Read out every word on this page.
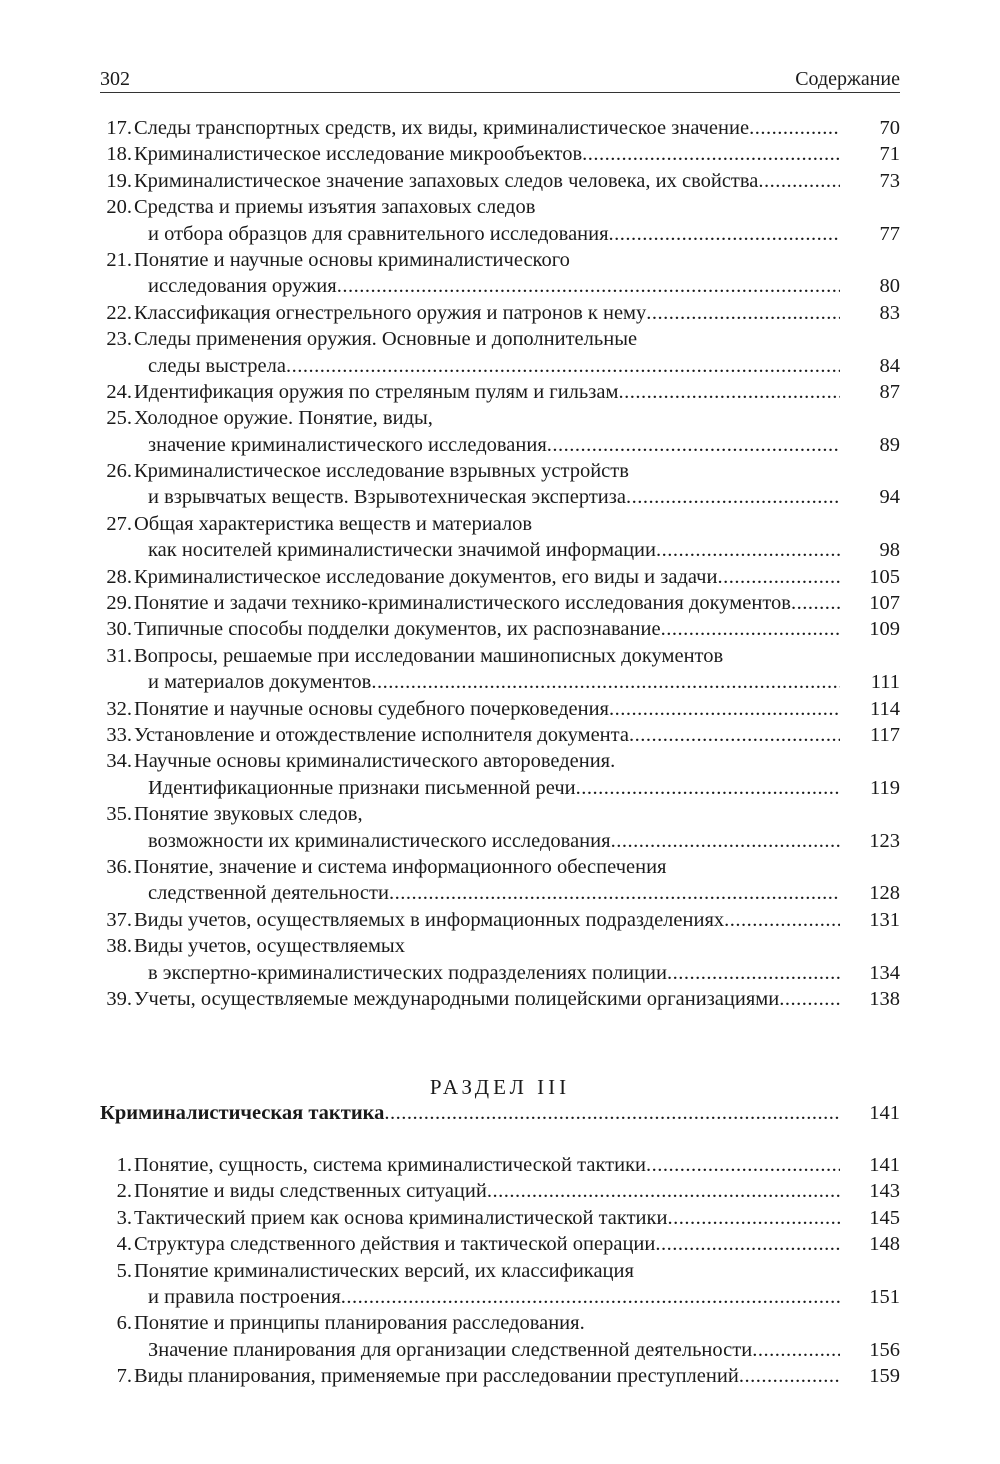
302	Содержание
17. Следы транспортных средств, их виды, криминалистическое значение .....	70
18. Криминалистическое исследование микрообъектов .....	71
19. Криминалистическое значение запаховых следов человека, их свойства .....	73
20. Средства и приемы изъятия запаховых следов
и отбора образцов для сравнительного исследования .....	77
21. Понятие и научные основы криминалистического
исследования оружия .....	80
22. Классификация огнестрельного оружия и патронов к нему .....	83
23. Следы применения оружия. Основные и дополнительные
следы выстрела .....	84
24. Идентификация оружия по стреляным пулям и гильзам .....	87
25. Холодное оружие. Понятие, виды,
значение криминалистического исследования .....	89
26. Криминалистическое исследование взрывных устройств
и взрывчатых веществ. Взрывотехническая экспертиза .....	94
27. Общая характеристика веществ и материалов
как носителей криминалистически значимой информации .....	98
28. Криминалистическое исследование документов, его виды и задачи .....	105
29. Понятие и задачи технико-криминалистического исследования документов .....	107
30. Типичные способы подделки документов, их распознавание .....	109
31. Вопросы, решаемые при исследовании машинописных документов
и материалов документов .....	111
32. Понятие и научные основы судебного почерковедения .....	114
33. Установление и отождествление исполнителя документа .....	117
34. Научные основы криминалистического автороведения.
Идентификационные признаки письменной речи .....	119
35. Понятие звуковых следов,
возможности их криминалистического исследования .....	123
36. Понятие, значение и система информационного обеспечения
следственной деятельности .....	128
37. Виды учетов, осуществляемых в информационных подразделениях .....	131
38. Виды учетов, осуществляемых
в экспертно-криминалистических подразделениях полиции .....	134
39. Учеты, осуществляемые международными полицейскими организациями .....	138
РАЗДЕЛ III
Криминалистическая тактика .....	141
1. Понятие, сущность, система криминалистической тактики .....	141
2. Понятие и виды следственных ситуаций .....	143
3. Тактический прием как основа криминалистической тактики .....	145
4. Структура следственного действия и тактической операции .....	148
5. Понятие криминалистических версий, их классификация
и правила построения .....	151
6. Понятие и принципы планирования расследования.
Значение планирования для организации следственной деятельности .....	156
7. Виды планирования, применяемые при расследовании преступлений .....	159
